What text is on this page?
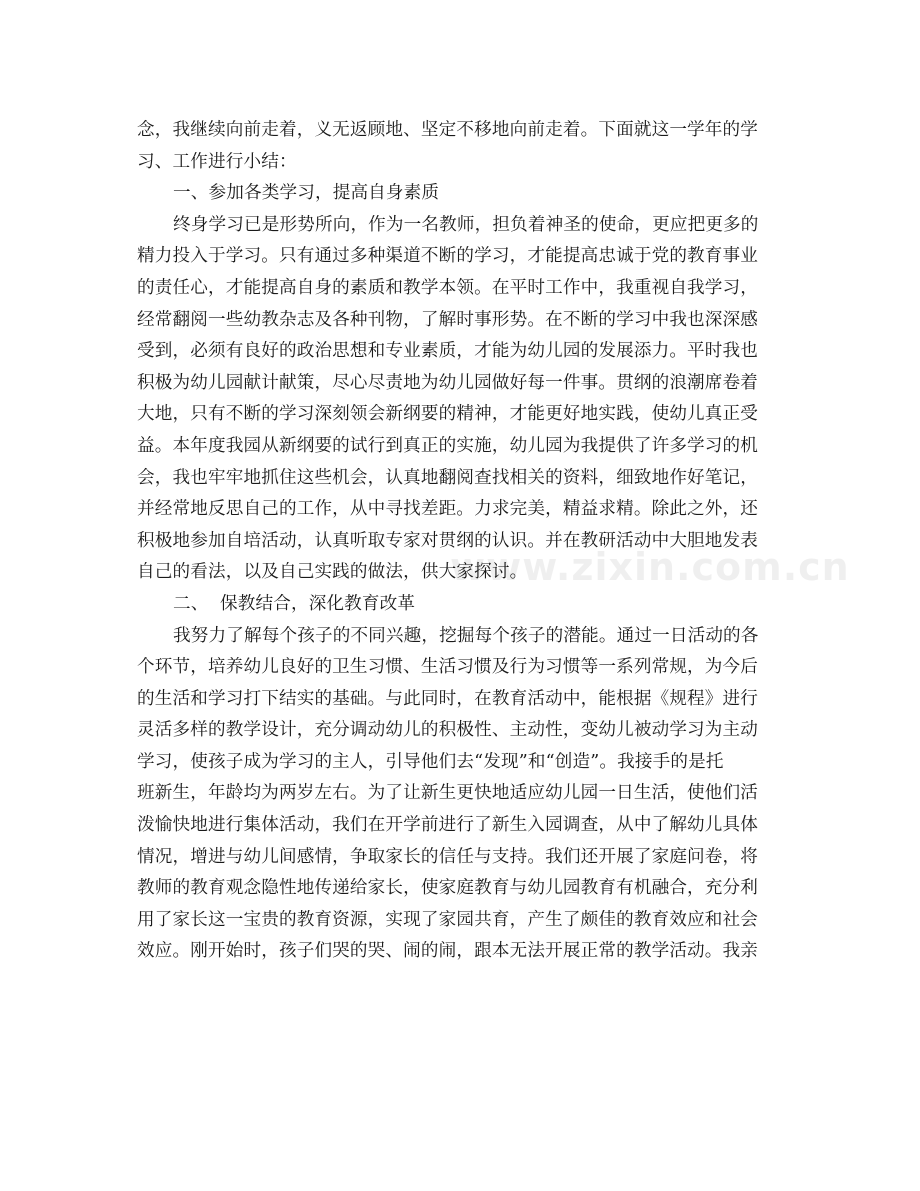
念，我继续向前走着，义无返顾地、坚定不移地向前走着。下面就这一学年的学
习、工作进行小结：
一、参加各类学习，提高自身素质
终身学习已是形势所向，作为一名教师，担负着神圣的使命，更应把更多的
精力投入于学习。只有通过多种渠道不断的学习，才能提高忠诚于党的教育事业
的责任心，才能提高自身的素质和教学本领。在平时工作中，我重视自我学习，
经常翻阅一些幼教杂志及各种刊物，了解时事形势。在不断的学习中我也深深感
受到，必须有良好的政治思想和专业素质，才能为幼儿园的发展添力。平时我也
积极为幼儿园献计献策，尽心尽责地为幼儿园做好每一件事。贯纲的浪潮席卷着
大地，只有不断的学习深刻领会新纲要的精神，才能更好地实践，使幼儿真正受
益。本年度我园从新纲要的试行到真正的实施，幼儿园为我提供了许多学习的机
会，我也牢牢地抓住这些机会，认真地翻阅查找相关的资料，细致地作好笔记，
并经常地反思自己的工作，从中寻找差距。力求完美，精益求精。除此之外，还
积极地参加自培活动，认真听取专家对贯纲的认识。并在教研活动中大胆地发表
自己的看法，以及自己实践的做法，供大家探讨。
二、  保教结合，深化教育改革
我努力了解每个孩子的不同兴趣，挖掘每个孩子的潜能。通过一日活动的各
个环节，培养幼儿良好的卫生习惯、生活习惯及行为习惯等一系列常规，为今后
的生活和学习打下结实的基础。与此同时，在教育活动中，能根据《规程》进行
灵活多样的教学设计，充分调动幼儿的积极性、主动性，变幼儿被动学习为主动
学习，使孩子成为学习的主人，引导他们去“发现”和“创造”。我接手的是托
班新生，年龄均为两岁左右。为了让新生更快地适应幼儿园一日生活，使他们活
泼愉快地进行集体活动，我们在开学前进行了新生入园调查，从中了解幼儿具体
情况，增进与幼儿间感情，争取家长的信任与支持。我们还开展了家庭问卷，将
教师的教育观念隐性地传递给家长，使家庭教育与幼儿园教育有机融合，充分利
用了家长这一宝贵的教育资源，实现了家园共育，产生了颇佳的教育效应和社会
效应。刚开始时，孩子们哭的哭、闹的闹，跟本无法开展正常的教学活动。我亲
www.zixin.com.cn
